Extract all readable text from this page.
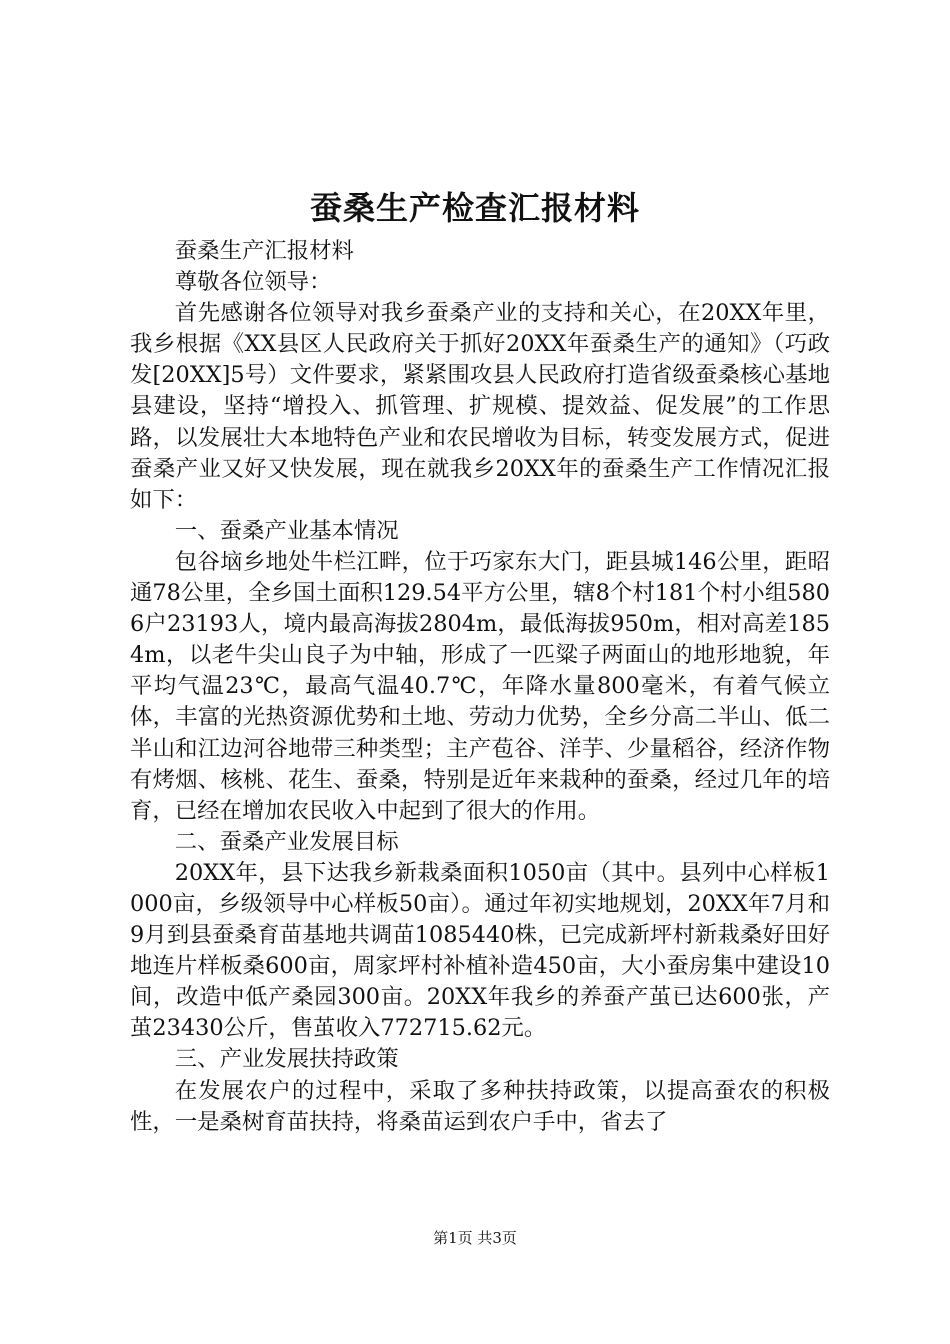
蚕桑生产检查汇报材料

蚕桑生产汇报材料

尊敬各位领导：

首先感谢各位领导对我乡蚕桑产业的支持和关心，在20XX年里，我乡根据《XX县区人民政府关于抓好20XX年蚕桑生产的通知》（巧政发[20XX]5号）文件要求，紧紧围攻县人民政府打造省级蚕桑核心基地县建设，坚持“增投入、抓管理、扩规模、提效益、促发展”的工作思路，以发展壮大本地特色产业和农民增收为目标，转变发展方式，促进蚕桑产业又好又快发展，现在就我乡20XX年的蚕桑生产工作情况汇报如下：

一、蚕桑产业基本情况

包谷垴乡地处牛栏江畔，位于巧家东大门，距县城146公里，距昭通78公里，全乡国土面积129.54平方公里，辖8个村181个村小组5806户23193人，境内最高海拔2804m，最低海拔950m，相对高差1854m，以老牛尖山良子为中轴，形成了一匹粱子两面山的地形地貌，年平均气温23℃，最高气温40.7℃，年降水量800毫米，有着气候立体，丰富的光热资源优势和土地、劳动力优势，全乡分高二半山、低二半山和江边河谷地带三种类型；主产苞谷、洋芋、少量稻谷，经济作物有烤烟、核桃、花生、蚕桑，特别是近年来栽种的蚕桑，经过几年的培育，已经在增加农民收入中起到了很大的作用。

二、蚕桑产业发展目标

20XX年，县下达我乡新栽桑面积1050亩（其中。县列中心样板1000亩，乡级领导中心样板50亩）。通过年初实地规划，20XX年7月和9月到县蚕桑育苗基地共调苗1085440株，已完成新坪村新栽桑好田好地连片样板桑600亩，周家坪村补植补造450亩，大小蚕房集中建设10间，改造中低产桑园300亩。20XX年我乡的养蚕产茧已达600张，产茧23430公斤，售茧收入772715.62元。

三、产业发展扶持政策

在发展农户的过程中，采取了多种扶持政策，以提高蚕农的积极性，一是桑树育苗扶持，将桑苗运到农户手中，省去了

第1页 共3页
